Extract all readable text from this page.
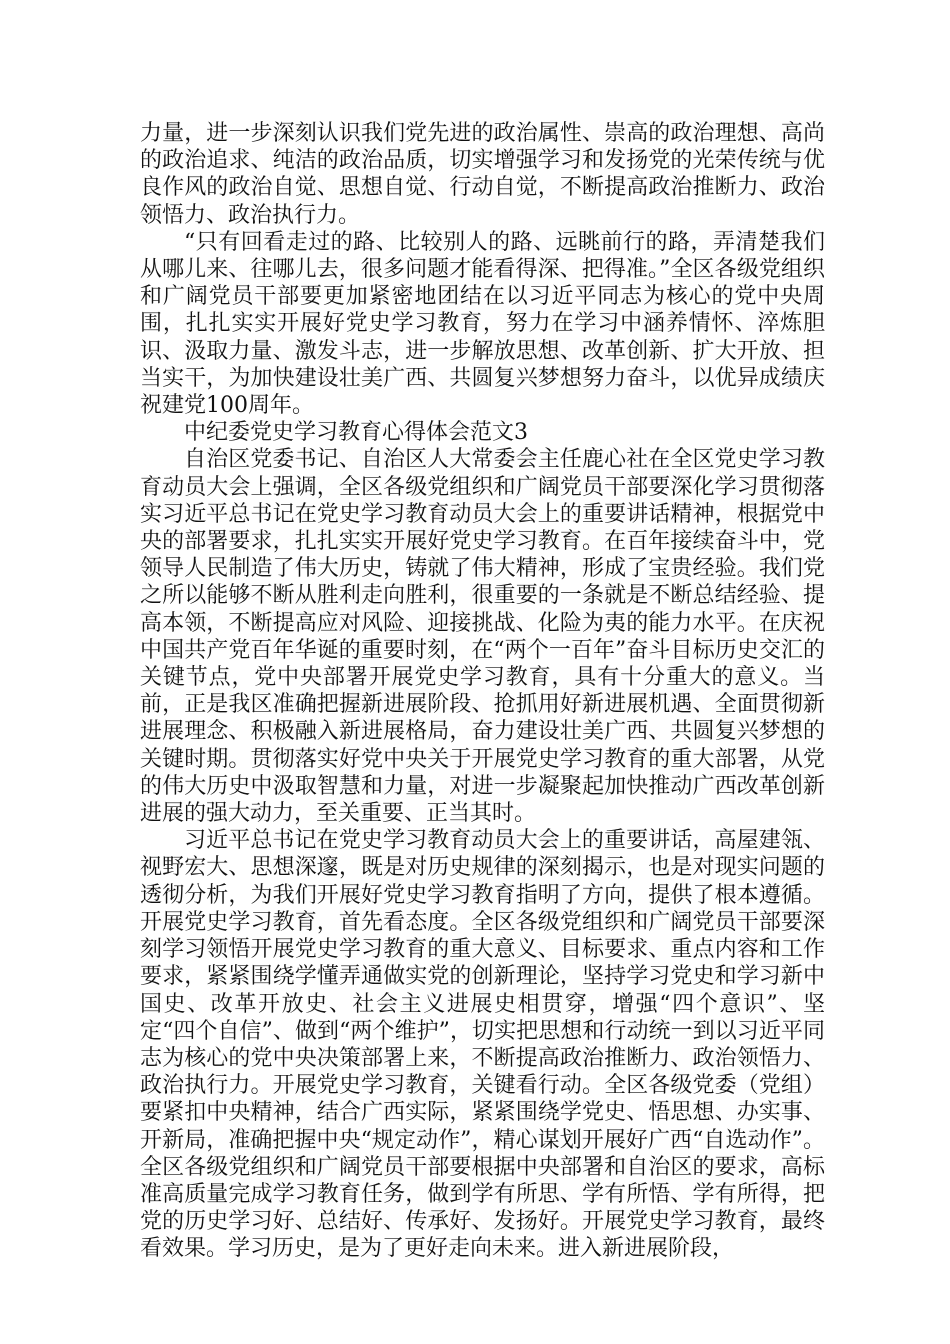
力量，进一步深刻认识我们党先进的政治属性、崇高的政治理想、高尚的政治追求、纯洁的政治品质，切实增强学习和发扬党的光荣传统与优良作风的政治自觉、思想自觉、行动自觉，不断提高政治推断力、政治领悟力、政治执行力。

“只有回看走过的路、比较别人的路、远眺前行的路，弄清楚我们从哪儿来、往哪儿去，很多问题才能看得深、把得准。”全区各级党组织和广阔党员干部要更加紧密地团结在以习近平同志为核心的党中央周围，扎扎实实开展好党史学习教育，努力在学习中涵养情怀、淬炼胆识、汲取力量、激发斗志，进一步解放思想、改革创新、扩大开放、担当实干，为加快建设壮美广西、共圆复兴梦想努力奋斗，以优异成绩庆祝建党100周年。

中纪委党史学习教育心得体会范文3

自治区党委书记、自治区人大常委会主任鹿心社在全区党史学习教育动员大会上强调，全区各级党组织和广阔党员干部要深化学习贯彻落实习近平总书记在党史学习教育动员大会上的重要讲话精神，根据党中央的部署要求，扎扎实实开展好党史学习教育。在百年接续奋斗中，党领导人民制造了伟大历史，铸就了伟大精神，形成了宝贵经验。我们党之所以能够不断从胜利走向胜利，很重要的一条就是不断总结经验、提高本领，不断提高应对风险、迎接挑战、化险为夷的能力水平。在庆祝中国共产党百年华诞的重要时刻，在“两个一百年”奋斗目标历史交汇的关键节点，党中央部署开展党史学习教育，具有十分重大的意义。当前，正是我区准确把握新进展阶段、抢抓用好新进展机遇、全面贯彻新进展理念、积极融入新进展格局，奋力建设壮美广西、共圆复兴梦想的关键时期。贯彻落实好党中央关于开展党史学习教育的重大部署，从党的伟大历史中汲取智慧和力量，对进一步凝聚起加快推动广西改革创新进展的强大动力，至关重要、正当其时。

习近平总书记在党史学习教育动员大会上的重要讲话，高屋建瓴、视野宏大、思想深邃，既是对历史规律的深刻揭示，也是对现实问题的透彻分析，为我们开展好党史学习教育指明了方向，提供了根本遵循。开展党史学习教育，首先看态度。全区各级党组织和广阔党员干部要深刻学习领悟开展党史学习教育的重大意义、目标要求、重点内容和工作要求，紧紧围绕学懂弄通做实党的创新理论，坚持学习党史和学习新中国史、改革开放史、社会主义进展史相贯穿，增强“四个意识”、坚定“四个自信”、做到“两个维护”，切实把思想和行动统一到以习近平同志为核心的党中央决策部署上来，不断提高政治推断力、政治领悟力、政治执行力。开展党史学习教育，关键看行动。全区各级党委（党组）要紧扣中央精神，结合广西实际，紧紧围绕学党史、悟思想、办实事、开新局，准确把握中央“规定动作”，精心谋划开展好广西“自选动作”。全区各级党组织和广阔党员干部要根据中央部署和自治区的要求，高标准高质量完成学习教育任务，做到学有所思、学有所悟、学有所得，把党的历史学习好、总结好、传承好、发扬好。开展党史学习教育，最终看效果。学习历史，是为了更好走向未来。进入新进展阶段，
